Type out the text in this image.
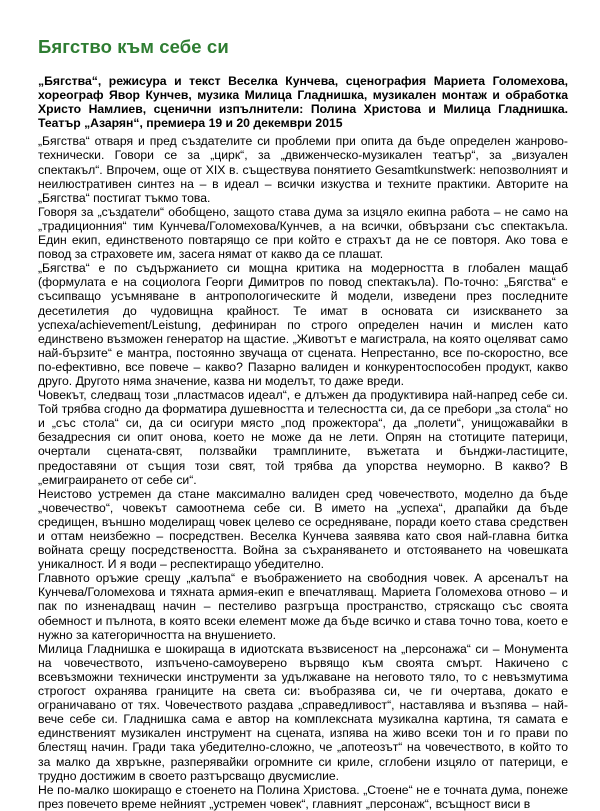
Бягство към себе си

„Бягства“, режисура и текст Веселка Кунчева, сценография Мариета Голомехова, хореограф Явор Кунчев, музика Милица Гладнишка, музикален монтаж и обработка Христо Намлиев, сценични изпълнители: Полина Христова и Милица Гладнишка. Театър „Азарян“, премиера 19 и 20 декември 2015

„Бягства“ отваря и пред създателите си проблеми при опита да бъде определен жанрово-технически. Говори се за „цирк“, за „движенческо-музикален театър“, за „визуален спектакъл“. Впрочем, още от XIX в. съществува понятието Gesamtkunstwerk: непозволният и неилюстративен синтез на – в идеал – всички изкуства и техните практики. Авторите на „Бягства“ постигат тъкмо това.

Говоря за „създатели“ обобщено, защото става дума за изцяло екипна работа – не само на „традиционния“ тим Кунчева/Голомехова/Кунчев, а на всички, обвързани със спектакъла. Един екип, единственото повтарящо се при който е страхът да не се повторя. Ако това е повод за страховете им, засега нямат от какво да се плашат.

„Бягства“ е по съдържанието си мощна критика на модерността в глобален мащаб (формулата е на социолога Георги Димитров по повод спектакъла). По-точно: „Бягства“ е съсипващо усъмняване в антропологическите й модели, изведени през последните десетилетия до чудовищна крайност. Те имат в основата си изискването за успеха/achievement/Leistung, дефиниран по строго определен начин и мислен като единствено възможен генератор на щастие. „Животът е магистрала, на която оцеляват само най-бързите“ е мантра, постоянно звучаща от сцената. Непрестанно, все по-скоростно, все по-ефективно, все повече – какво? Пазарно валиден и конкурентоспособен продукт, каквo друго. Другото няма значение, казва ни моделът, то даже вреди.

Човекът, следващ този „пластмасов идеал“, е длъжен да продуктивира най-напред себе си. Той трябва сгодно да форматира душевността и телесността си, да се пребори „за стола“ но и „със стола“ си, да си осигури място „под прожектора“, да „полети“, унищожавайки в безадресния си опит онова, което не може да не лети. Опрян на стотиците патерици, очертали сцената-свят, ползвайки трамплините, въжетата и бънджи-ластиците, предоставяни от същия този свят, той трябва да упорства неуморно. В какво? В „емиграирането от себе си“.

Неистово устремен да стане максимално валиден сред човечеството, моделно да бъде „човечество“, човекът самоотнема себе си. В името на „успеха“, драпайки да бъде средищен, външно моделиращ човек целево се осредняване, поради което става средствен и оттам неизбежно – посредствен. Веселка Кунчева заявява като своя най-главна битка войната срещу посредствеността. Война за съхраняването и отстояването на човешката уникалност. И я води – респектиращо убедително.

Главното оръжие срещу „калъпа“ е въображението на свободния човек. А арсеналът на Кунчева/Голомехова и тяхната армия-екип е впечатляващ. Мариета Голомехова отново – и пак по изненадващ начин – пестеливо разгръща пространство, стряскащо със своята обемност и пълнота, в която всеки елемент може да бъде всичко и става точно това, което е нужно за категоричността на внушението.

Милица Гладнишка е шокираща в идиотската възвисеност на „персонажа“ си – Монумента на човечеството, изпъчено-самоуверено вървящо към своята смърт. Накичено с всевъзможни технически инструменти за удължаване на неговото тяло, то с невъзмутима строгост охранява границите на света си: въобразява си, че ги очертава, докато е ограничавано от тях. Човечеството раздава „справедливост“, наставлява и възпява – най-вече себе си. Гладнишка сама е автор на комплексната музикална картина, тя самата е единственият музикален инструмент на сцената, изпява на живо всеки тон и го прави по блестящ начин. Гради така убедително-сложно, че „апотеозът“ на човечеството, в който то за малко да хвръкне, разперявайки огромните си криле, сглобени изцяло от патерици, е трудно достижим в своето разтърсващо двусмислие.

Не по-малко шокиращо е стоенето на Полина Христова. „Стоене“ не е точната дума, понеже през повечето време нейният „устремен човек“, главният „персонаж“, всъщност виси в
